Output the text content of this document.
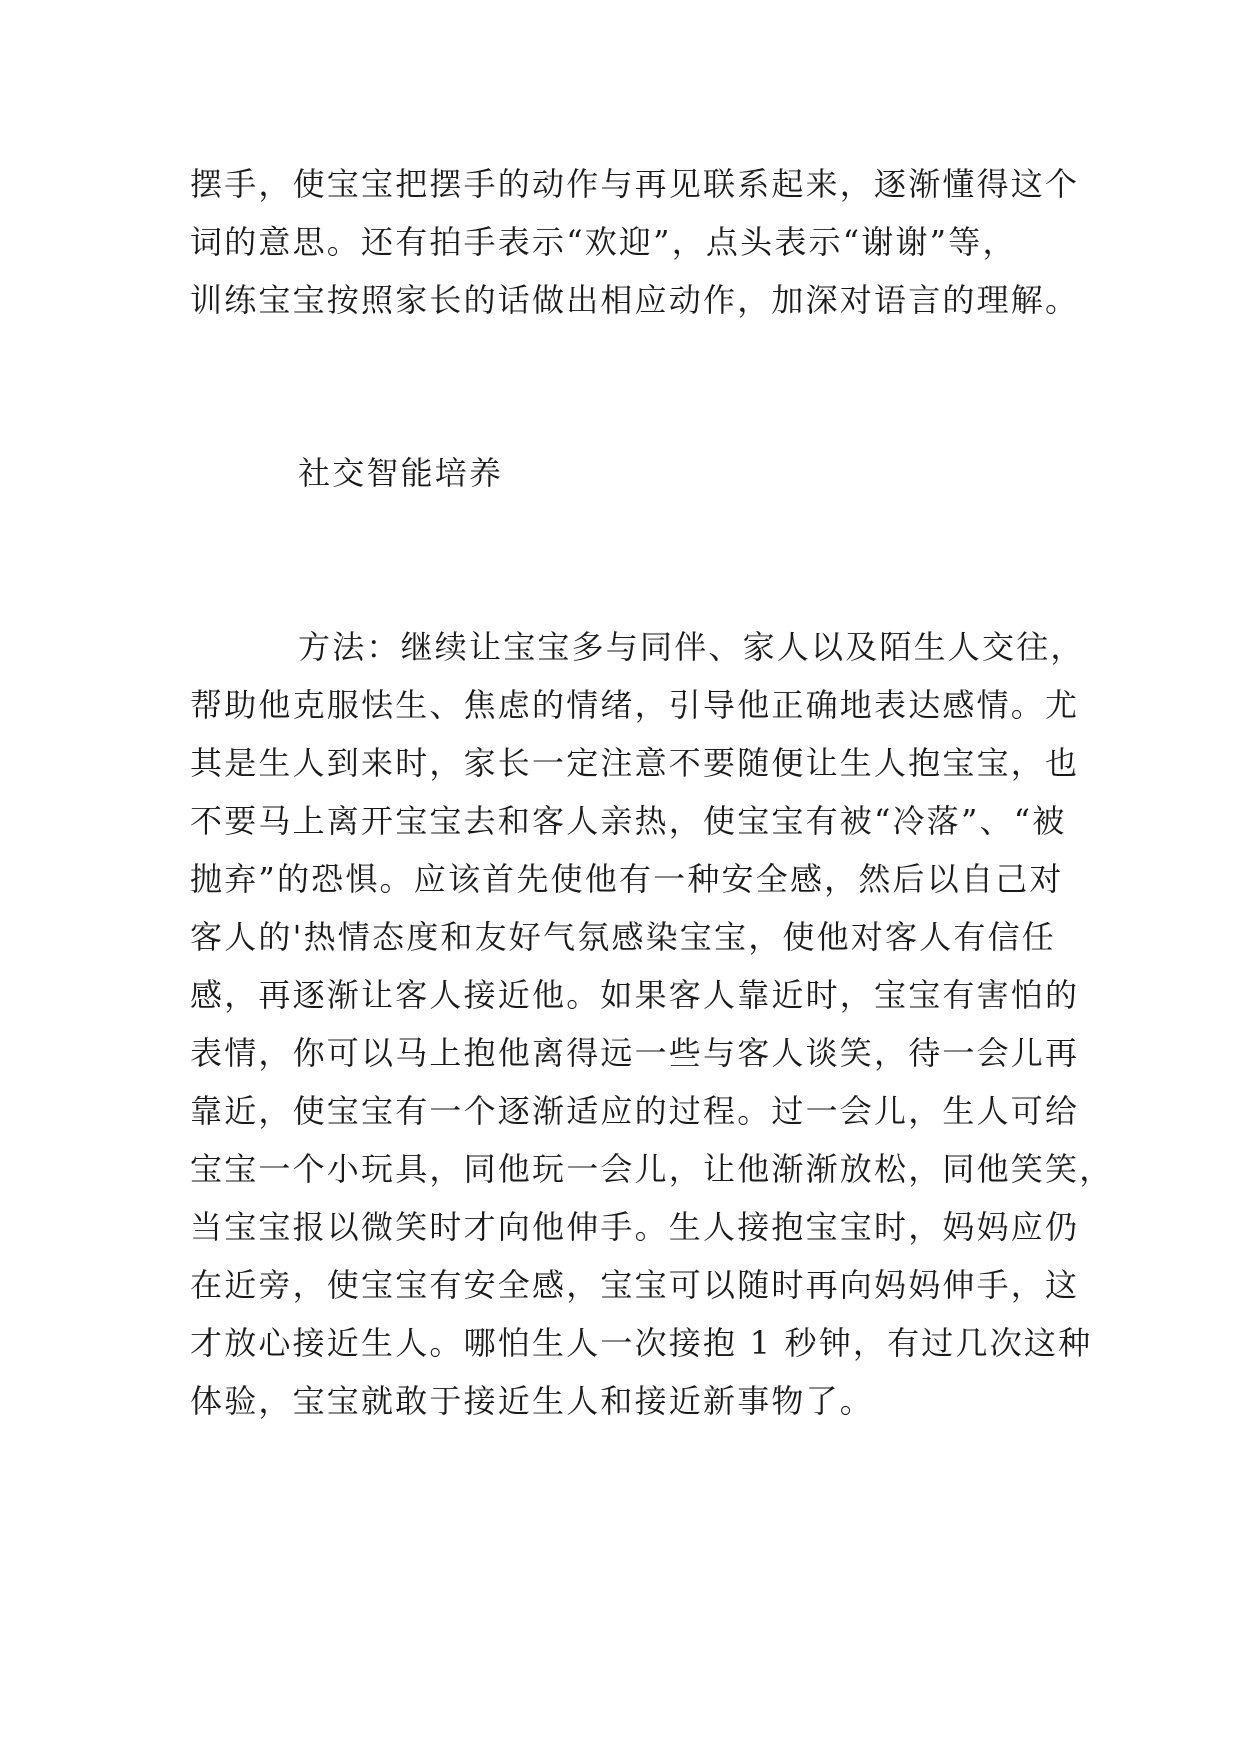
摆手，使宝宝把摆手的动作与再见联系起来，逐渐懂得这个
词的意思。还有拍手表示“欢迎”，点头表示“谢谢”等，
训练宝宝按照家长的话做出相应动作，加深对语言的理解。
社交智能培养
方法：继续让宝宝多与同伴、家人以及陌生人交往，
帮助他克服怯生、焦虑的情绪，引导他正确地表达感情。尤
其是生人到来时，家长一定注意不要随便让生人抱宝宝，也
不要马上离开宝宝去和客人亲热，使宝宝有被“冷落”、“被
抛弃”的恐惧。应该首先使他有一种安全感，然后以自己对
客人的'热情态度和友好气氛感染宝宝，使他对客人有信任
感，再逐渐让客人接近他。如果客人靠近时，宝宝有害怕的
表情，你可以马上抱他离得远一些与客人谈笑，待一会儿再
靠近，使宝宝有一个逐渐适应的过程。过一会儿，生人可给
宝宝一个小玩具，同他玩一会儿，让他渐渐放松，同他笑笑，
当宝宝报以微笑时才向他伸手。生人接抱宝宝时，妈妈应仍
在近旁，使宝宝有安全感，宝宝可以随时再向妈妈伸手，这
才放心接近生人。哪怕生人一次接抱 1 秒钟，有过几次这种
体验，宝宝就敢于接近生人和接近新事物了。
